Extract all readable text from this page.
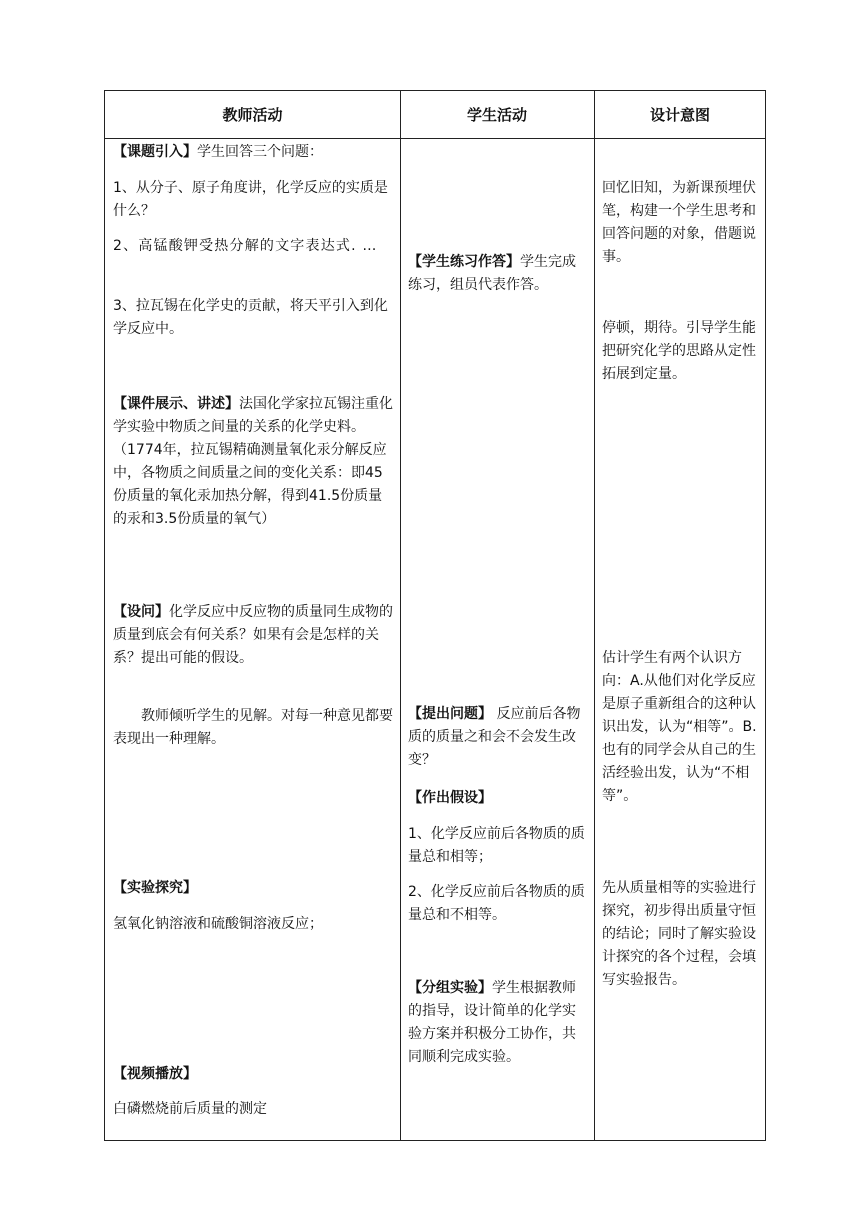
教师活动	学生活动	设计意图

【课题引入】学生回答三个问题：

1、从分子、原子角度讲，化学反应的实质是什么？

2、高锰酸钾受热分解的文字表达式. …

3、拉瓦锡在化学史的贡献，将天平引入到化学反应中。

【课件展示、讲述】法国化学家拉瓦锡注重化学实验中物质之间量的关系的化学史料。（1774年，拉瓦锡精确测量氧化汞分解反应中，各物质之间质量之间的变化关系：即45份质量的氧化汞加热分解，得到41.5份质量的汞和3.5份质量的氧气）

【设问】化学反应中反应物的质量同生成物的质量到底会有何关系？如果有会是怎样的关系？提出可能的假设。

教师倾听学生的见解。对每一种意见都要表现出一种理解。

【实验探究】

氢氧化钠溶液和硫酸铜溶液反应；

【视频播放】

白磷燃烧前后质量的测定

【学生练习作答】学生完成练习，组员代表作答。

【提出问题】 反应前后各物质的质量之和会不会发生改变？

【作出假设】

1、化学反应前后各物质的质量总和相等；

2、化学反应前后各物质的质量总和不相等。

【分组实验】学生根据教师的指导，设计简单的化学实验方案并积极分工协作，共同顺利完成实验。

回忆旧知，为新课预埋伏笔，构建一个学生思考和回答问题的对象，借题说事。

停顿，期待。引导学生能把研究化学的思路从定性拓展到定量。

估计学生有两个认识方向：A.从他们对化学反应是原子重新组合的这种认识出发，认为“相等”。B.也有的同学会从自己的生活经验出发，认为“不相等”。

先从质量相等的实验进行探究，初步得出质量守恒的结论；同时了解实验设计探究的各个过程，会填写实验报告。
